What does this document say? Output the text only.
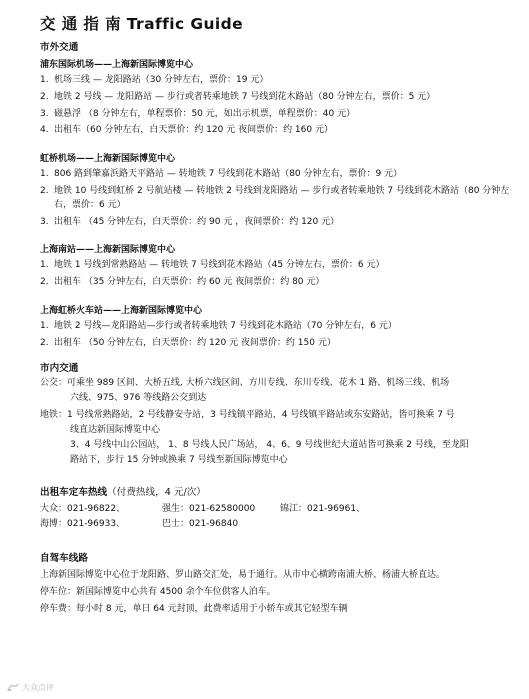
交 通 指 南 Traffic Guide
市外交通
浦东国际机场——上海新国际博览中心
1. 机场三线 — 龙阳路站（30 分钟左右，票价：19 元）
2. 地铁 2 号线 — 龙阳路站 — 步行或者转乘地铁 7 号线到花木路站（80 分钟左右，票价：5 元）
3. 磁悬浮 （8 分钟左右，单程票价：50 元，如出示机票，单程票价：40 元）
4. 出租车（60 分钟左右，白天票价：约 120 元 夜间票价：约 160 元）
虹桥机场——上海新国际博览中心
1. 806 路到肇嘉浜路天平路站 — 转地铁 7 号线到花木路站（80 分钟左右，票价：9 元）
2. 地铁 10 号线到虹桥 2 号航站楼 — 转地铁 2 号线到龙阳路站 — 步行或者转乘地铁 7 号线到花木路站（80 分钟左右，票价：6 元）
3. 出租车 （45 分钟左右，白天票价：约 90 元 ，夜间票价：约 120 元）
上海南站——上海新国际博览中心
1. 地铁 1 号线到常熟路站 — 转地铁 7 号线到花木路站（45 分钟左右，票价：6 元）
2. 出租车 （35 分钟左右，白天票价：约 60 元 夜间票价：约 80 元）
上海虹桥火车站——上海新国际博览中心
1. 地铁 2 号线—龙阳路站—步行或者转乘地铁 7 号线到花木路站（70 分钟左右，6 元）
2. 出租车 （50 分钟左右，白天票价：约 120 元 夜间票价：约 150 元）
市内交通
公交：可乘坐 989 区间、大桥五线, 大桥六线区间、方川专线、东川专线、花木 1 路、机场三线、机场
六线、975、976 等线路公交到达
地铁：1 号线常熟路站，2 号线静安寺站，3 号线镇平路站，4 号线镇平路站或东安路站，皆可换乘 7 号
线直达新国际博览中心
3、4 号线中山公园站， 1、8 号线人民广场站， 4、6、9 号线世纪大道站皆可换乘 2 号线，至龙阳
路站下，步行 15 分钟或换乘 7 号线至新国际博览中心
出租车定车热线（付费热线，4 元/次）
大众：021-96822、	强生：021-62580000	锦江：021-96961、
海博：021-96933、	巴士：021-96840
自驾车线路
上海新国际博览中心位于龙阳路、罗山路交汇处，易于通行。从市中心横跨南浦大桥、杨浦大桥直达。
停车位：新国际博览中心共有 4500 余个车位供客人泊车。
停车费：每小时 8 元，单日 64 元封顶，此费率适用于小轿车或其它轻型车辆
大众点评
